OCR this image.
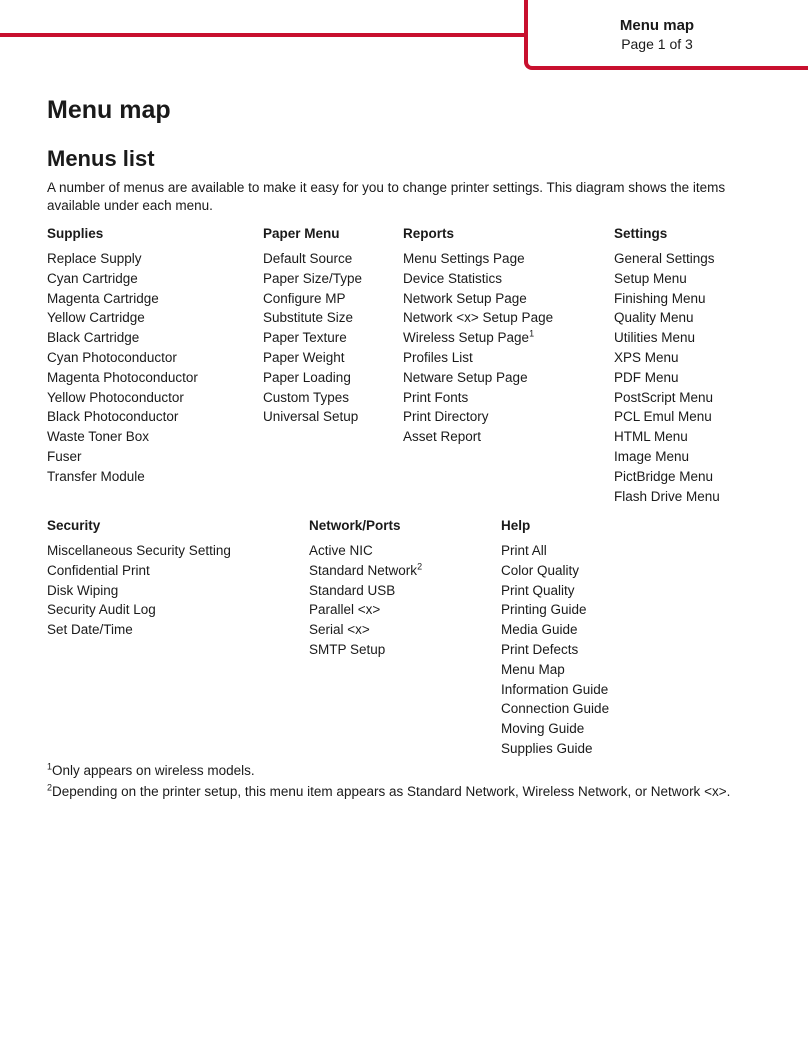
Menu map
Page 1 of 3
Menu map
Menus list

A number of menus are available to make it easy for you to change printer settings. This diagram shows the items available under each menu.

Supplies
Replace Supply
Cyan Cartridge
Magenta Cartridge
Yellow Cartridge
Black Cartridge
Cyan Photoconductor
Magenta Photoconductor
Yellow Photoconductor
Black Photoconductor
Waste Toner Box
Fuser
Transfer Module
Paper Menu
Default Source
Paper Size/Type
Configure MP
Substitute Size
Paper Texture
Paper Weight
Paper Loading
Custom Types
Universal Setup
Reports
Menu Settings Page
Device Statistics
Network Setup Page
Network <x> Setup Page
Wireless Setup Page$^1$
Profiles List
Netware Setup Page
Print Fonts
Print Directory
Asset Report
Settings
General Settings
Setup Menu
Finishing Menu
Quality Menu
Utilities Menu
XPS Menu
PDF Menu
PostScript Menu
PCL Emul Menu
HTML Menu
Image Menu
PictBridge Menu
Flash Drive Menu
Security
Miscellaneous Security Setting
Confidential Print
Disk Wiping
Security Audit Log
Set Date/Time
Network/Ports
Active NIC
Standard Network$^2$
Standard USB
Parallel <x>
Serial <x>
SMTP Setup
Help
Print All
Color Quality
Print Quality
Printing Guide
Media Guide
Print Defects
Menu Map
Information Guide
Connection Guide
Moving Guide
Supplies Guide

$^1$Only appears on wireless models.

$^2$Depending on the printer setup, this menu item appears as Standard Network, Wireless Network, or Network <x>.
